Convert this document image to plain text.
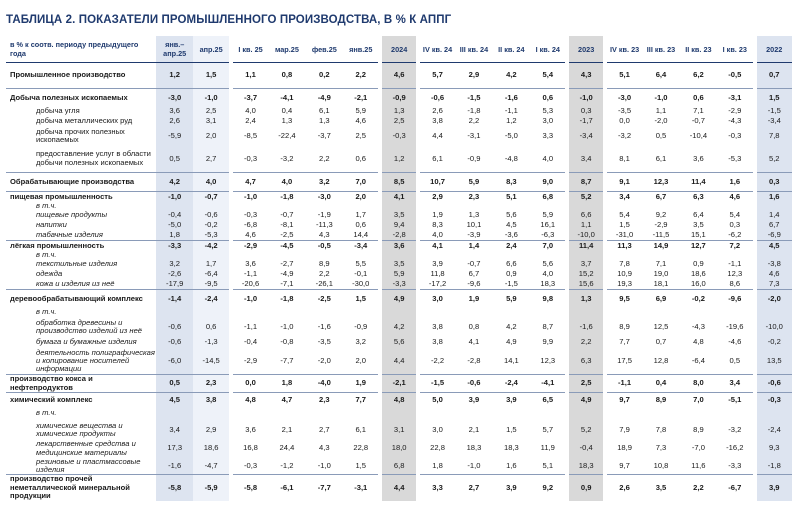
ТАБЛИЦА 2. ПОКАЗАТЕЛИ ПРОМЫШЛЕННОГО ПРОИЗВОДСТВА, В % К АППГ
в % к соотв. периоду предыдущего года	янв.–апр.25	апр.25	I кв. 25	мар.25	фев.25	янв.25	2024	IV кв. 24	III кв. 24	II кв. 24	I кв. 24	2023	IV кв. 23	III кв. 23	II кв. 23	I кв. 23	2022
Промышленное производство	1,2	1,5	1,1	0,8	0,2	2,2	4,6	5,7	2,9	4,2	5,4	4,3	5,1	6,4	6,2	-0,5	0,7
Добыча полезных ископаемых	-3,0	-1,0	-3,7	-4,1	-4,9	-2,1	-0,9	-0,6	-1,5	-1,6	0,6	-1,0	-3,0	-1,0	0,6	-3,1	1,5
добыча угля	3,6	2,5	4,0	0,4	6,1	5,9	1,3	2,6	-1,8	-1,1	5,3	0,3	-3,5	1,1	7,1	-2,9	-1,5
добыча металлических руд	2,6	3,1	2,4	1,3	1,3	4,6	2,5	3,8	2,2	1,2	3,0	-1,7	0,0	-2,0	-0,7	-4,3	-3,4
добыча прочих полезных ископаемых	-5,9	2,0	-8,5	-22,4	-3,7	2,5	-0,3	4,4	-3,1	-5,0	3,3	-3,4	-3,2	0,5	-10,4	-0,3	7,8
предоставление услуг в области добычи полезных ископаемых	0,5	2,7	-0,3	-3,2	2,2	0,6	1,2	6,1	-0,9	-4,8	4,0	3,4	8,1	6,1	3,6	-5,3	5,2
Обрабатывающие производства	4,2	4,0	4,7	4,0	3,2	7,0	8,5	10,7	5,9	8,3	9,0	8,7	9,1	12,3	11,4	1,6	0,3
пищевая промышленность	-1,0	-0,7	-1,0	-1,8	-3,0	2,0	4,1	2,9	2,3	5,1	6,8	5,2	3,4	6,7	6,3	4,6	1,6
в т.ч.																	
пищевые продукты	-0,4	-0,6	-0,3	-0,7	-1,9	1,7	3,5	1,9	1,3	5,6	5,9	6,6	5,4	9,2	6,4	5,4	1,4
напитки	-5,0	-0,2	-6,8	-8,1	-11,3	0,6	9,4	8,3	10,1	4,5	16,1	1,1	1,5	-2,9	3,5	0,3	6,7
табачные изделия	1,8	-5,3	4,6	-2,5	4,3	14,4	-2,8	4,0	-3,9	-3,6	-6,3	-10,0	-31,0	-11,5	15,1	-6,2	-6,9
лёгкая промышленность	-3,3	-4,2	-2,9	-4,5	-0,5	-3,4	3,6	4,1	1,4	2,4	7,0	11,4	11,3	14,9	12,7	7,2	4,5
в т.ч.																	
текстильные изделия	3,2	1,7	3,6	-2,7	8,9	5,5	3,5	3,9	-0,7	6,6	5,6	3,7	7,8	7,1	0,9	-1,1	-3,8
одежда	-2,6	-6,4	-1,1	-4,9	2,2	-0,1	5,9	11,8	6,7	0,9	4,0	15,2	10,9	19,0	18,6	12,3	4,6
кожа и изделия из неё	-17,9	-9,5	-20,6	-7,1	-26,1	-30,0	-3,3	-17,2	-9,6	-1,5	18,3	15,6	19,3	18,1	16,0	8,6	7,3
деревообрабатывающий комплекс	-1,4	-2,4	-1,0	-1,8	-2,5	1,5	4,9	3,0	1,9	5,9	9,8	1,3	9,5	6,9	-0,2	-9,6	-2,0
в т.ч.																	
обработка древесины и производство изделий из неё	-0,6	0,6	-1,1	-1,0	-1,6	-0,9	4,2	3,8	0,8	4,2	8,7	-1,6	8,9	12,5	-4,3	-19,6	-10,0
бумага и бумажные изделия	-0,6	-1,3	-0,4	-0,8	-3,5	3,2	5,6	3,8	4,1	4,9	9,9	2,2	7,7	0,7	4,8	-4,6	-0,2
деятельность полиграфическая и копирование носителей информации	-6,0	-14,5	-2,9	-7,7	-2,0	2,0	4,4	-2,2	-2,8	14,1	12,3	6,3	17,5	12,8	-6,4	0,5	13,5
производство кокса и нефтепродуктов	0,5	2,3	0,0	1,8	-4,0	1,9	-2,1	-1,5	-0,6	-2,4	-4,1	2,5	-1,1	0,4	8,0	3,4	-0,6
химический комплекс	4,5	3,8	4,8	4,7	2,3	7,7	4,8	5,0	3,9	3,9	6,5	4,9	9,7	8,9	7,0	-5,1	-0,3
в т.ч.																	
химические вещества и химические продукты	3,4	2,9	3,6	2,1	2,7	6,1	3,1	3,0	2,1	1,5	5,7	5,2	7,9	7,8	8,9	-3,2	-2,4
лекарственные средства и медицинские материалы	17,3	18,6	16,8	24,4	4,3	22,8	18,0	22,8	18,3	18,3	11,9	-0,4	18,9	7,3	-7,0	-16,2	9,3
резиновые и пластмассовые изделия	-1,6	-4,7	-0,3	-1,2	-1,0	1,5	6,8	1,8	-1,0	1,6	5,1	18,3	9,7	10,8	11,6	-3,3	-1,8
производство прочей неметаллической минеральной продукции	-5,8	-5,9	-5,8	-6,1	-7,7	-3,1	4,4	3,3	2,7	3,9	9,2	0,9	2,6	3,5	2,2	-6,7	3,9
